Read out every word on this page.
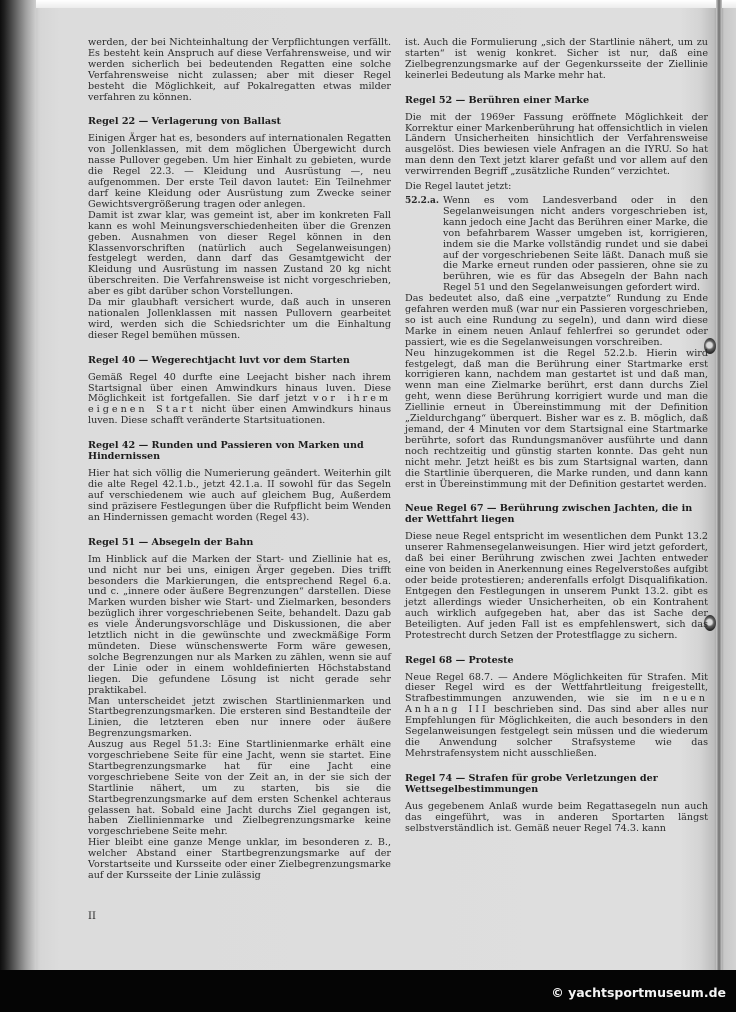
werden, der bei Nichteinhaltung der Verpflichtungen verfällt. Es besteht kein Anspruch auf diese Verfahrensweise, und wir werden sicherlich bei bedeutenden Regatten eine solche Verfahrensweise nicht zulassen; aber mit dieser Regel besteht die Möglichkeit, auf Pokalregatten etwas milder verfahren zu können.

Regel 22 — Verlagerung von Ballast

Einigen Ärger hat es, besonders auf internationalen Regatten von Jollenklassen, mit dem möglichen Übergewicht durch nasse Pullover gegeben. Um hier Einhalt zu gebieten, wurde die Regel 22.3. — Kleidung und Ausrüstung —, neu aufgenommen. Der erste Teil davon lautet: Ein Teilnehmer darf keine Kleidung oder Ausrüstung zum Zwecke seiner Gewichtsvergrößerung tragen oder anlegen.

Damit ist zwar klar, was gemeint ist, aber im konkreten Fall kann es wohl Meinungsverschiedenheiten über die Grenzen geben. Ausnahmen von dieser Regel können in den Klassenvorschriften (natürlich auch Segelanweisungen) festgelegt werden, dann darf das Gesamtgewicht der Kleidung und Ausrüstung im nassen Zustand 20 kg nicht überschreiten. Die Verfahrensweise ist nicht vorgeschrieben, aber es gibt darüber schon Vorstellungen.

Da mir glaubhaft versichert wurde, daß auch in unseren nationalen Jollenklassen mit nassen Pullovern gearbeitet wird, werden sich die Schiedsrichter um die Einhaltung dieser Regel bemühen müssen.

Regel 40 — Wegerechtjacht luvt vor dem Starten

Gemäß Regel 40 durfte eine Leejacht bisher nach ihrem Startsignal über einen Amwindkurs hinaus luven. Diese Möglichkeit ist fortgefallen. Sie darf jetzt vor ihrem eigenen Start nicht über einen Amwindkurs hinaus luven. Diese schafft veränderte Startsituationen.

Regel 42 — Runden und Passieren von Marken und Hindernissen

Hier hat sich völlig die Numerierung geändert. Weiterhin gilt die alte Regel 42.1.b., jetzt 42.1.a. II sowohl für das Segeln auf verschiedenem wie auch auf gleichem Bug, Außerdem sind präzisere Festlegungen über die Rufpflicht beim Wenden an Hindernissen gemacht worden (Regel 43).

Regel 51 — Absegeln der Bahn

Im Hinblick auf die Marken der Start- und Ziellinie hat es, und nicht nur bei uns, einigen Ärger gegeben. Dies trifft besonders die Markierungen, die entsprechend Regel 6.a. und c. „innere oder äußere Begrenzungen“ darstellen. Diese Marken wurden bisher wie Start- und Zielmarken, besonders bezüglich ihrer vorgeschriebenen Seite, behandelt. Dazu gab es viele Änderungsvorschläge und Diskussionen, die aber letztlich nicht in die gewünschte und zweckmäßige Form mündeten. Diese wünschenswerte Form wäre gewesen, solche Begrenzungen nur als Marken zu zählen, wenn sie auf der Linie oder in einem wohldefinierten Höchstabstand liegen. Die gefundene Lösung ist nicht gerade sehr praktikabel.

Man unterscheidet jetzt zwischen Startlinienmarken und Startbegrenzungsmarken. Die ersteren sind Bestandteile der Linien, die letzteren eben nur innere oder äußere Begrenzungsmarken.

Auszug aus Regel 51.3: Eine Startlinienmarke erhält eine vorgeschriebene Seite für eine Jacht, wenn sie startet. Eine Startbegrenzungsmarke hat für eine Jacht eine vorgeschriebene Seite von der Zeit an, in der sie sich der Startlinie nähert, um zu starten, bis sie die Startbegrenzungsmarke auf dem ersten Schenkel achteraus gelassen hat. Sobald eine Jacht durchs Ziel gegangen ist, haben Ziellinienmarke und Zielbegrenzungsmarke keine vorgeschriebene Seite mehr.

Hier bleibt eine ganze Menge unklar, im besonderen z. B., welcher Abstand einer Startbegrenzungsmarke auf der Vorstartseite und Kursseite oder einer Zielbegrenzungsmarke auf der Kursseite der Linie zulässig

ist. Auch die Formulierung „sich der Startlinie nähert, um zu starten“ ist wenig konkret. Sicher ist nur, daß eine Zielbegrenzungsmarke auf der Gegenkursseite der Ziellinie keinerlei Bedeutung als Marke mehr hat.

Regel 52 — Berühren einer Marke

Die mit der 1969er Fassung eröffnete Möglichkeit der Korrektur einer Markenberührung hat offensichtlich in vielen Ländern Unsicherheiten hinsichtlich der Verfahrensweise ausgelöst. Dies bewiesen viele Anfragen an die IYRU. So hat man denn den Text jetzt klarer gefaßt und vor allem auf den verwirrenden Begriff „zusätzliche Runden“ verzichtet.

Die Regel lautet jetzt:

52.2.a. Wenn es vom Landesverband oder in den Segelanweisungen nicht anders vorgeschrieben ist, kann jedoch eine Jacht das Berühren einer Marke, die von befahrbarem Wasser umgeben ist, korrigieren, indem sie die Marke vollständig rundet und sie dabei auf der vorgeschriebenen Seite läßt. Danach muß sie die Marke erneut runden oder passieren, ohne sie zu berühren, wie es für das Absegeln der Bahn nach Regel 51 und den Segelanweisungen gefordert wird.

Das bedeutet also, daß eine „verpatzte“ Rundung zu Ende gefahren werden muß (war nur ein Passieren vorgeschrieben, so ist auch eine Rundung zu segeln), und dann wird diese Marke in einem neuen Anlauf fehlerfrei so gerundet oder passiert, wie es die Segelanweisungen vorschreiben.

Neu hinzugekommen ist die Regel 52.2.b. Hierin wird festgelegt, daß man die Berührung einer Startmarke erst korrigieren kann, nachdem man gestartet ist und daß man, wenn man eine Zielmarke berührt, erst dann durchs Ziel geht, wenn diese Berührung korrigiert wurde und man die Ziellinie erneut in Übereinstimmung mit der Definition „Zieldurchgang“ überquert. Bisher war es z. B. möglich, daß jemand, der 4 Minuten vor dem Startsignal eine Startmarke berührte, sofort das Rundungsmanöver ausführte und dann noch rechtzeitig und günstig starten konnte. Das geht nun nicht mehr. Jetzt heißt es bis zum Startsignal warten, dann die Startlinie überqueren, die Marke runden, und dann kann erst in Übereinstimmung mit der Definition gestartet werden.

Neue Regel 67 — Berührung zwischen Jachten, die in der Wettfahrt liegen

Diese neue Regel entspricht im wesentlichen dem Punkt 13.2 unserer Rahmensegelanweisungen. Hier wird jetzt gefordert, daß bei einer Berührung zwischen zwei Jachten entweder eine von beiden in Anerkennung eines Regelverstoßes aufgibt oder beide protestieren; anderenfalls erfolgt Disqualifikation. Entgegen den Festlegungen in unserem Punkt 13.2. gibt es jetzt allerdings wieder Unsicherheiten, ob ein Kontrahent auch wirklich aufgegeben hat, aber das ist Sache der Beteiligten. Auf jeden Fall ist es empfehlenswert, sich das Protestrecht durch Setzen der Protestflagge zu sichern.

Regel 68 — Proteste

Neue Regel 68.7. — Andere Möglichkeiten für Strafen. Mit dieser Regel wird es der Wettfahrtleitung freigestellt, Strafbestimmungen anzuwenden, wie sie im neuen Anhang III beschrieben sind. Das sind aber alles nur Empfehlungen für Möglichkeiten, die auch besonders in den Segelanweisungen festgelegt sein müssen und die wiederum die Anwendung solcher Strafsysteme wie das Mehrstrafensystem nicht ausschließen.

Regel 74 — Strafen für grobe Verletzungen der Wettsegelbestimmungen

Aus gegebenem Anlaß wurde beim Regattasegeln nun auch das eingeführt, was in anderen Sportarten längst selbstverständlich ist. Gemäß neuer Regel 74.3. kann

II
© yachtsportmuseum.de
